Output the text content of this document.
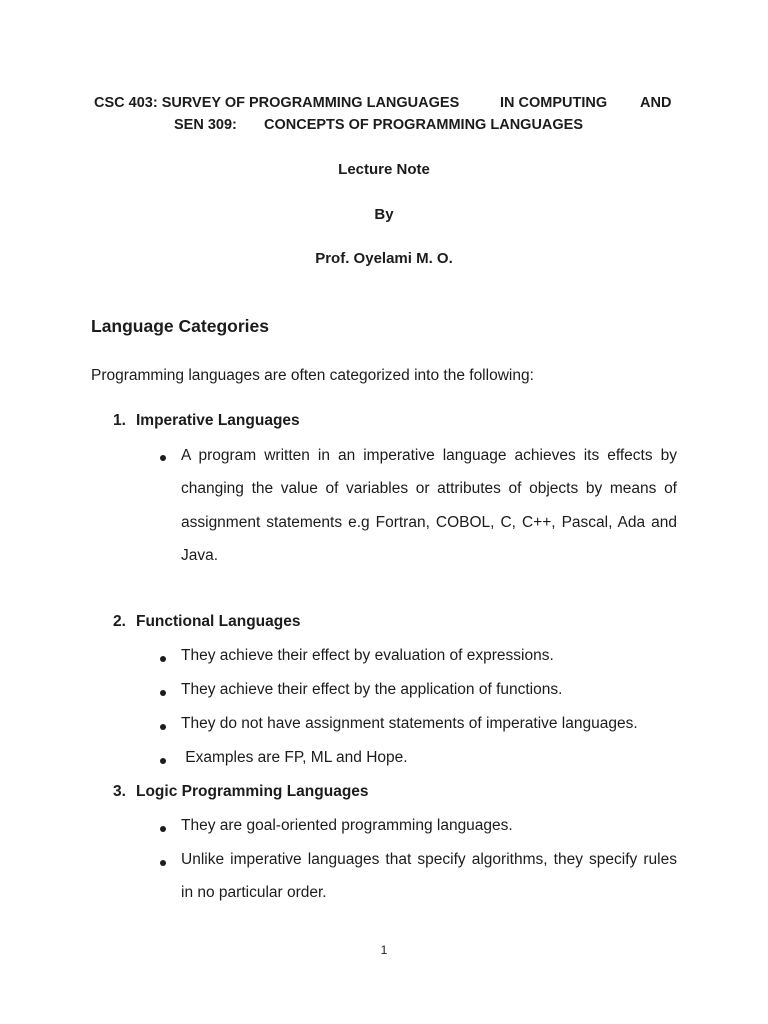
CSC 403: SURVEY OF PROGRAMMING LANGUAGES	IN COMPUTING AND
SEN 309: CONCEPTS OF PROGRAMMING LANGUAGES
Lecture Note
By
Prof. Oyelami M. O.
Language Categories
Programming languages are often categorized into the following:
1. Imperative Languages
A program written in an imperative language achieves its effects by changing the value of variables or attributes of objects by means of assignment statements e.g Fortran, COBOL, C, C++, Pascal, Ada and Java.
2. Functional Languages
They achieve their effect by evaluation of expressions.
They achieve their effect by the application of functions.
They do not have assignment statements of imperative languages.
Examples are FP, ML and Hope.
3. Logic Programming Languages
They are goal-oriented programming languages.
Unlike imperative languages that specify algorithms, they specify rules in no particular order.
1
